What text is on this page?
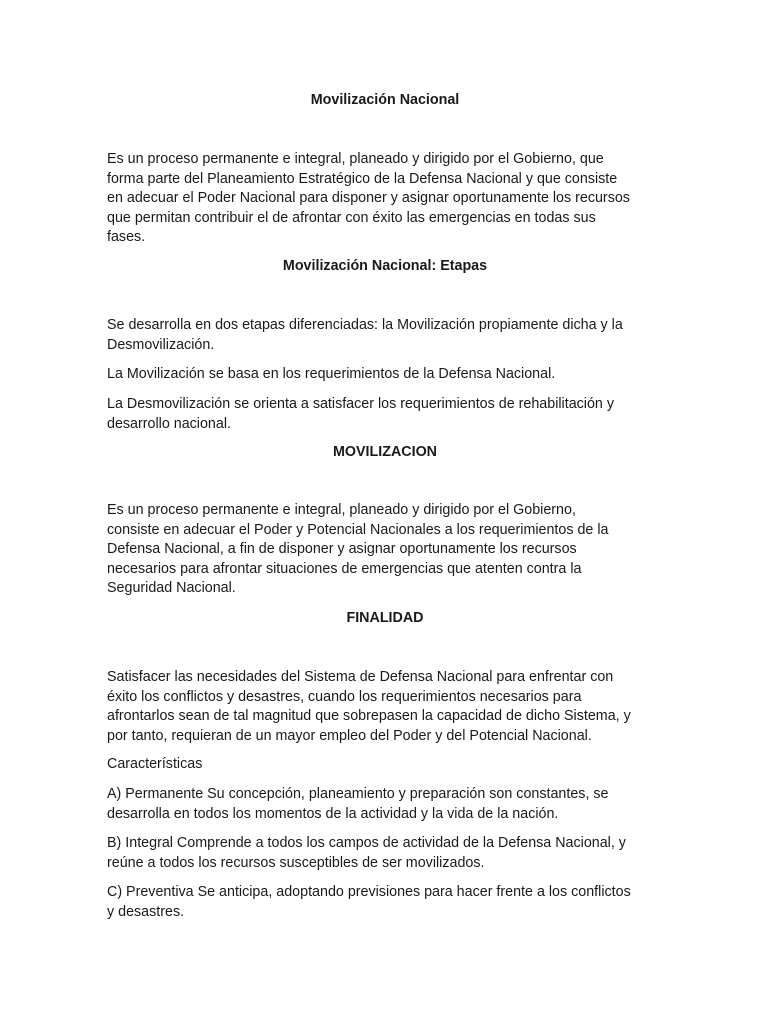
Movilización Nacional

Es un proceso permanente e integral, planeado y dirigido por el Gobierno, que
forma parte del Planeamiento Estratégico de la Defensa Nacional y que consiste
en adecuar el Poder Nacional para disponer y asignar oportunamente los recursos
que permitan contribuir el de afrontar con éxito las emergencias en todas sus
fases.

Movilización Nacional: Etapas

Se desarrolla en dos etapas diferenciadas: la Movilización propiamente dicha y la
Desmovilización.

La Movilización se basa en los requerimientos de la Defensa Nacional.

La Desmovilización se orienta a satisfacer los requerimientos de rehabilitación y
desarrollo nacional.

MOVILIZACION

Es un proceso permanente e integral, planeado y dirigido por el Gobierno,
consiste en adecuar el Poder y Potencial Nacionales a los requerimientos de la
Defensa Nacional, a fin de disponer y asignar oportunamente los recursos
necesarios para afrontar situaciones de emergencias que atenten contra la
Seguridad Nacional.

FINALIDAD

Satisfacer las necesidades del Sistema de Defensa Nacional para enfrentar con
éxito los conflictos y desastres, cuando los requerimientos necesarios para
afrontarlos sean de tal magnitud que sobrepasen la capacidad de dicho Sistema, y
por tanto, requieran de un mayor empleo del Poder y del Potencial Nacional.

Características

A) Permanente Su concepción, planeamiento y preparación son constantes, se
desarrolla en todos los momentos de la actividad y la vida de la nación.

B) Integral Comprende a todos los campos de actividad de la Defensa Nacional, y
reúne a todos los recursos susceptibles de ser movilizados.

C) Preventiva Se anticipa, adoptando previsiones para hacer frente a los conflictos
y desastres.
